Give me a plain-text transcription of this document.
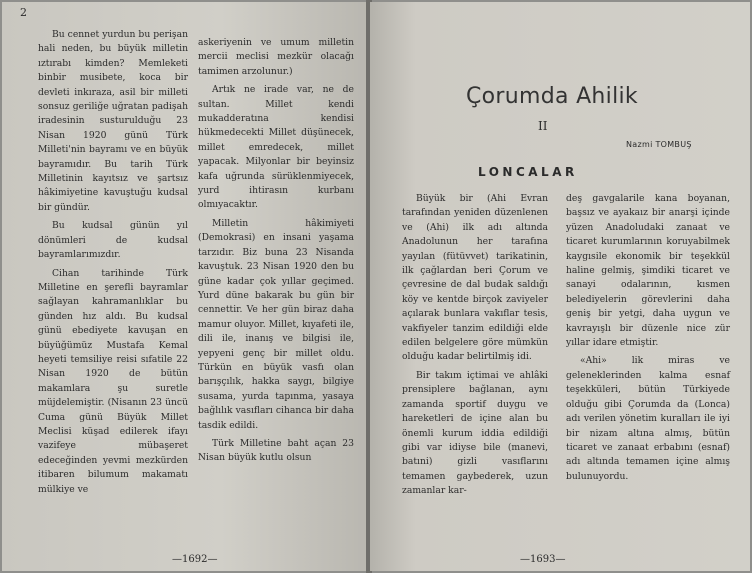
2

Bu cennet yurdun bu perişan hali neden, bu büyük milletin ıztırabı kimden? Memleketi binbir musibete, koca bir devleti inkıraza, asil bir milleti sonsuz geriliğe uğratan padişah iradesinin susturulduğu 23 Nisan 1920 günü Türk Milleti'nin bayramı ve en büyük bayramıdır. Bu tarih Türk Milletinin kayıtsız ve şartsız hâkimiyetine kavuştuğu kudsal bir gündür.

Bu kudsal günün yıl dönümleri de kudsal bayramlarımızdır.

Cihan tarihinde Türk Milletine en şerefli bayramlar sağlayan kahramanlıklar bu günden hız aldı. Bu kudsal günü ebediyete kavuşan en büyüğümüz Mustafa Kemal heyeti temsiliye reisi sıfatile 22 Nisan 1920 de bütün makamlara şu suretle müjdelemiştir. (Nisanın 23 üncü Cuma günü Büyük Millet Meclisi küşad edilerek ifayı vazifeye mübaşeret edeceğinden yevmi mezkürden itibaren bilumum makamatı mülkiye ve

askeriyenin ve umum milletin mercii meclisi mezkür olacağı tamimen arzolunur.)

Artık ne irade var, ne de sultan. Millet kendi mukadderatına kendisi hükmedecekti Millet düşünecek, millet emredecek, millet yapacak. Milyonlar bir beyinsiz kafa uğrunda sürüklenmiyecek, yurd ihtirasın kurbanı olmıyacaktır.

Milletin hâkimiyeti (Demokrasi) en insani yaşama tarzıdır. Biz buna 23 Nisanda kavuştuk. 23 Nisan 1920 den bu güne kadar çok yıllar geçimed. Yurd düne bakarak bu gün bir cennettir. Ve her gün biraz daha mamur oluyor. Millet, kıyafeti ile, dili ile, inanış ve bilgisi ile, yepyeni genç bir millet oldu. Türkün en büyük vasfı olan barışçılık, hakka saygı, bilgiye susama, yurda tapınma, yasaya bağlılık vasıfları cihanca bir daha tasdik edildi.

Türk Milletine baht açan 23 Nisan büyük kutlu olsun

—1692—
Çorumda Ahilik
II
Nazmi TOMBUŞ
LONCALAR

Büyük bir (Ahi Evran tarafından yeniden düzenlenen ve (Ahi) ilk adı altında Anadolunun her tarafına yayılan (fütüvvet) tarikatinin, ilk çağlardan beri Çorum ve çevresine de dal budak saldığı köy ve kentde birçok zaviyeler açılarak bunlara vakıflar tesis, vakfiyeler tanzim edildiği elde edilen belgelere göre mümkün olduğu kadar belirtilmiş idi.

Bir takım içtimai ve ahlâki prensiplere bağlanan, aynı zamanda sportif duygu ve hareketleri de içine alan bu önemli kurum iddia edildiği gibi var idiyse bile (manevi, batıni) gizli vasıflarını temamen gaybederek, uzun zamanlar kar-

deş gavgalarile kana boyanan, başsız ve ayakaız bir anarşi içinde yüzen Anadoludaki zanaat ve ticaret kurumlarının koruyabilmek kaygısile ekonomik bir teşekkül haline gelmiş, şimdiki ticaret ve sanayi odalarının, kısmen belediyelerin görevlerini daha geniş bir yetgi, daha uygun ve kavrayışlı bir düzenle nice zür yıllar idare etmiştir.

«Ahi» lik miras ve geleneklerinden kalma esnaf teşekküleri, bütün Türkiyede olduğu gibi Çorumda da (Lonca) adı verilen yönetim kuralları ile iyi bir nizam altına almış, bütün ticaret ve zanaat erbabını (esnaf) adı altında temamen içine almış bulunuyordu.

—1693—
